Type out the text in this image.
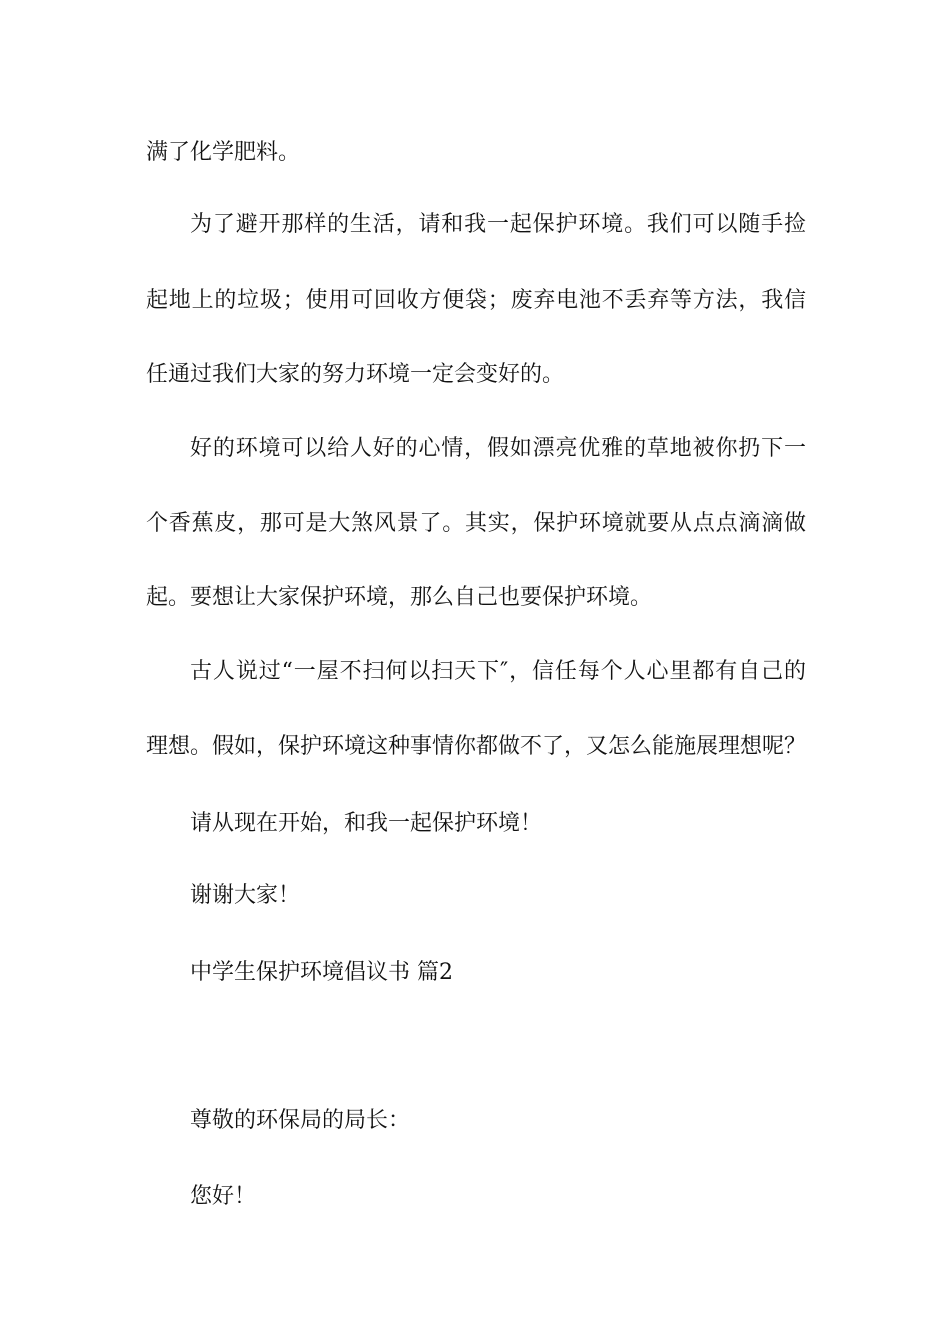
满了化学肥料。
为了避开那样的生活，请和我一起保护环境。我们可以随手捡
起地上的垃圾；使用可回收方便袋；废弃电池不丢弃等方法，我信
任通过我们大家的努力环境一定会变好的。
好的环境可以给人好的心情，假如漂亮优雅的草地被你扔下一
个香蕉皮，那可是大煞风景了。其实，保护环境就要从点点滴滴做
起。要想让大家保护环境，那么自己也要保护环境。
古人说过“一屋不扫何以扫天下″，信任每个人心里都有自己的
理想。假如，保护环境这种事情你都做不了，又怎么能施展理想呢？
请从现在开始，和我一起保护环境！
谢谢大家！
中学生保护环境倡议书 篇2
尊敬的环保局的局长：
您好！
